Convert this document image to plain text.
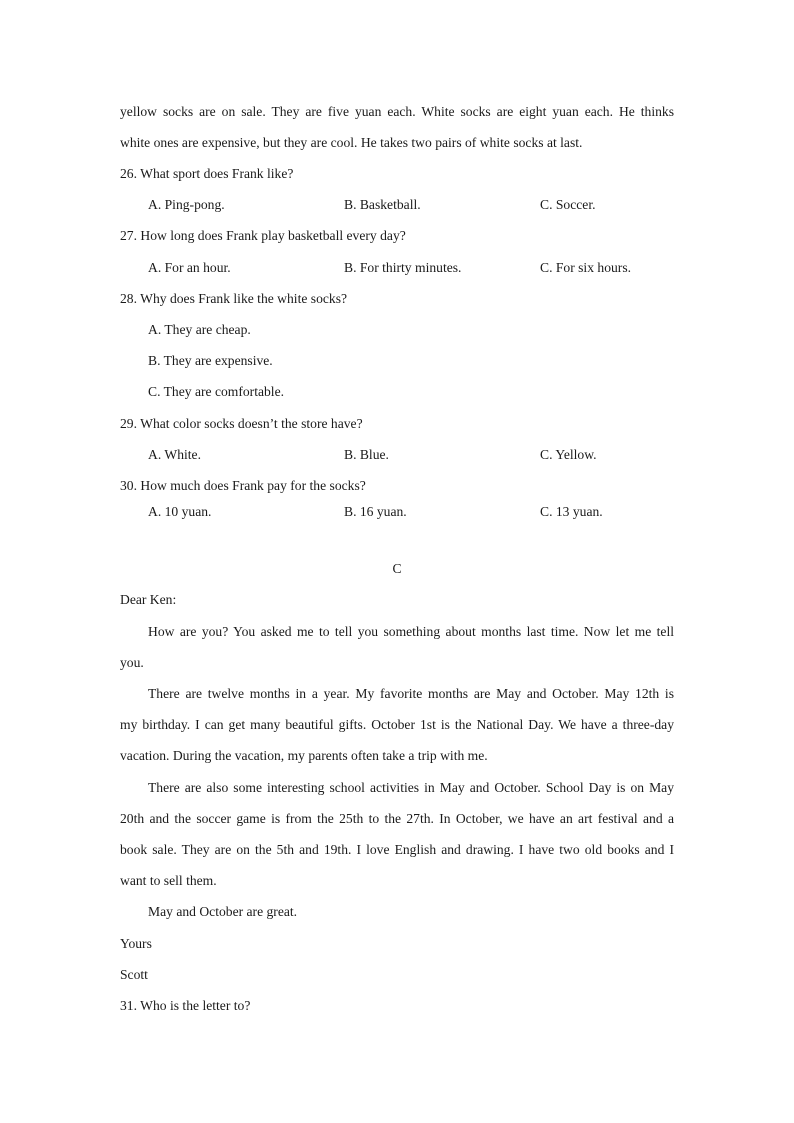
yellow socks are on sale. They are five yuan each. White socks are eight yuan each. He thinks
white ones are expensive, but they are cool. He takes two pairs of white socks at last.
26. What sport does Frank like?
A. Ping-pong.	B. Basketball.	C. Soccer.
27. How long does Frank play basketball every day?
A. For an hour.	B. For thirty minutes.	C. For six hours.
28. Why does Frank like the white socks?
A. They are cheap.
B. They are expensive.
C. They are comfortable.
29. What color socks doesn’t the store have?
A. White.	B. Blue.	C. Yellow.
30. How much does Frank pay for the socks?
A. 10 yuan.	B. 16 yuan.	C. 13 yuan.
C
Dear Ken:
How are you? You asked me to tell you something about months last time. Now let me tell
you.
There are twelve months in a year. My favorite months are May and October. May 12th is
my birthday. I can get many beautiful gifts. October 1st is the National Day. We have a three-day
vacation. During the vacation, my parents often take a trip with me.
There are also some interesting school activities in May and October. School Day is on May
20th and the soccer game is from the 25th to the 27th. In October, we have an art festival and a
book sale. They are on the 5th and 19th. I love English and drawing. I have two old books and I
want to sell them.
May and October are great.
Yours
Scott
31. Who is the letter to?
